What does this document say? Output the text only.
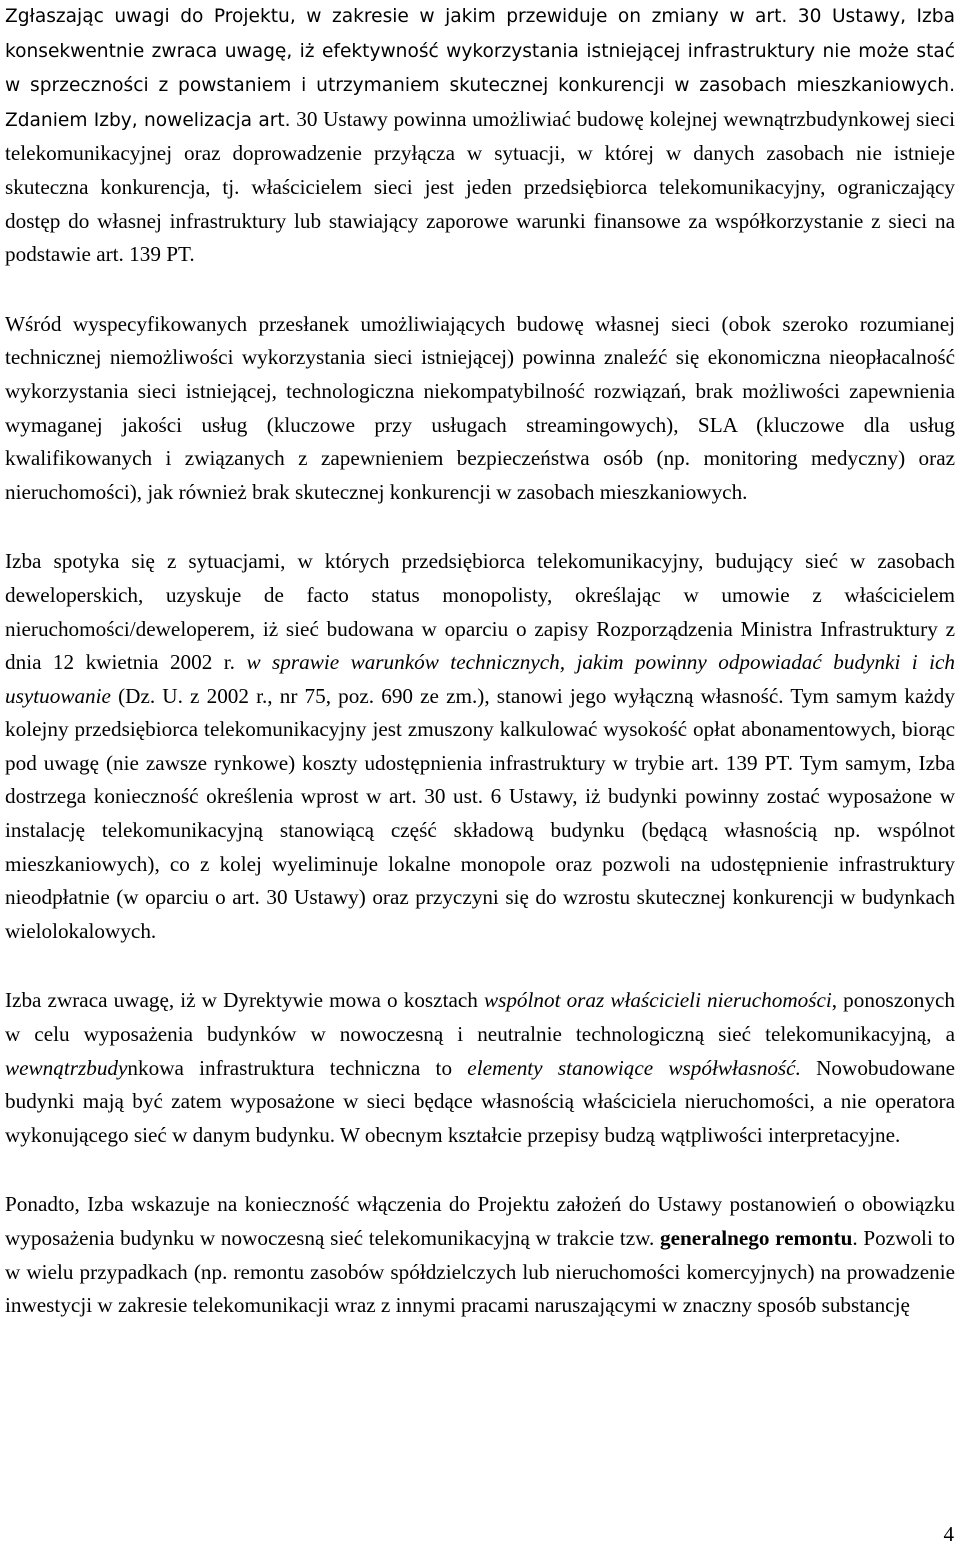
Zgłaszając uwagi do Projektu, w zakresie w jakim przewiduje on zmiany w art. 30 Ustawy, Izba konsekwentnie zwraca uwagę, iż efektywność wykorzystania istniejącej infrastruktury nie może stać w sprzeczności z powstaniem i utrzymaniem skutecznej konkurencji w zasobach mieszkaniowych. Zdaniem Izby, nowelizacja art. 30 Ustawy powinna umożliwiać budowę kolejnej wewnątrzbudynkowej sieci telekomunikacyjnej oraz doprowadzenie przyłącza w sytuacji, w której w danych zasobach nie istnieje skuteczna konkurencja, tj. właścicielem sieci jest jeden przedsiębiorca telekomunikacyjny, ograniczający dostęp do własnej infrastruktury lub stawiający zaporowe warunki finansowe za współkorzystanie z sieci na podstawie art. 139 PT.

Wśród wyspecyfikowanych przesłanek umożliwiających budowę własnej sieci (obok szeroko rozumianej technicznej niemożliwości wykorzystania sieci istniejącej) powinna znaleźć się ekonomiczna nieopłacalność wykorzystania sieci istniejącej, technologiczna niekompatybilność rozwiązań, brak możliwości zapewnienia wymaganej jakości usług (kluczowe przy usługach streamingowych), SLA (kluczowe dla usług kwalifikowanych i związanych z zapewnieniem bezpieczeństwa osób (np. monitoring medyczny) oraz nieruchomości), jak również brak skutecznej konkurencji w zasobach mieszkaniowych.

Izba spotyka się z sytuacjami, w których przedsiębiorca telekomunikacyjny, budujący sieć w zasobach deweloperskich, uzyskuje de facto status monopolisty, określając w umowie z właścicielem nieruchomości/deweloperem, iż sieć budowana w oparciu o zapisy Rozporządzenia Ministra Infrastruktury z dnia 12 kwietnia 2002 r. w sprawie warunków technicznych, jakim powinny odpowiadać budynki i ich usytuowanie (Dz. U. z 2002 r., nr 75, poz. 690 ze zm.), stanowi jego wyłączną własność. Tym samym każdy kolejny przedsiębiorca telekomunikacyjny jest zmuszony kalkulować wysokość opłat abonamentowych, biorąc pod uwagę (nie zawsze rynkowe) koszty udostępnienia infrastruktury w trybie art. 139 PT. Tym samym, Izba dostrzega konieczność określenia wprost w art. 30 ust. 6 Ustawy, iż budynki powinny zostać wyposażone w instalację telekomunikacyjną stanowiącą część składową budynku (będącą własnością np. wspólnot mieszkaniowych), co z kolej wyeliminuje lokalne monopole oraz pozwoli na udostępnienie infrastruktury nieodpłatnie (w oparciu o art. 30 Ustawy) oraz przyczyni się do wzrostu skutecznej konkurencji w budynkach wielolokalowych.

Izba zwraca uwagę, iż w Dyrektywie mowa o kosztach wspólnot oraz właścicieli nieruchomości, ponoszonych w celu wyposażenia budynków w nowoczesną i neutralnie technologiczną sieć telekomunikacyjną, a wewnątrzbudynkowa infrastruktura techniczna to elementy stanowiące współwłasność. Nowobudowane budynki mają być zatem wyposażone w sieci będące własnością właściciela nieruchomości, a nie operatora wykonującego sieć w danym budynku. W obecnym kształcie przepisy budzą wątpliwości interpretacyjne.

Ponadto, Izba wskazuje na konieczność włączenia do Projektu założeń do Ustawy postanowień o obowiązku wyposażenia budynku w nowoczesną sieć telekomunikacyjną w trakcie tzw. generalnego remontu. Pozwoli to w wielu przypadkach (np. remontu zasobów spółdzielczych lub nieruchomości komercyjnych) na prowadzenie inwestycji w zakresie telekomunikacji wraz z innymi pracami naruszającymi w znaczny sposób substancję

4
